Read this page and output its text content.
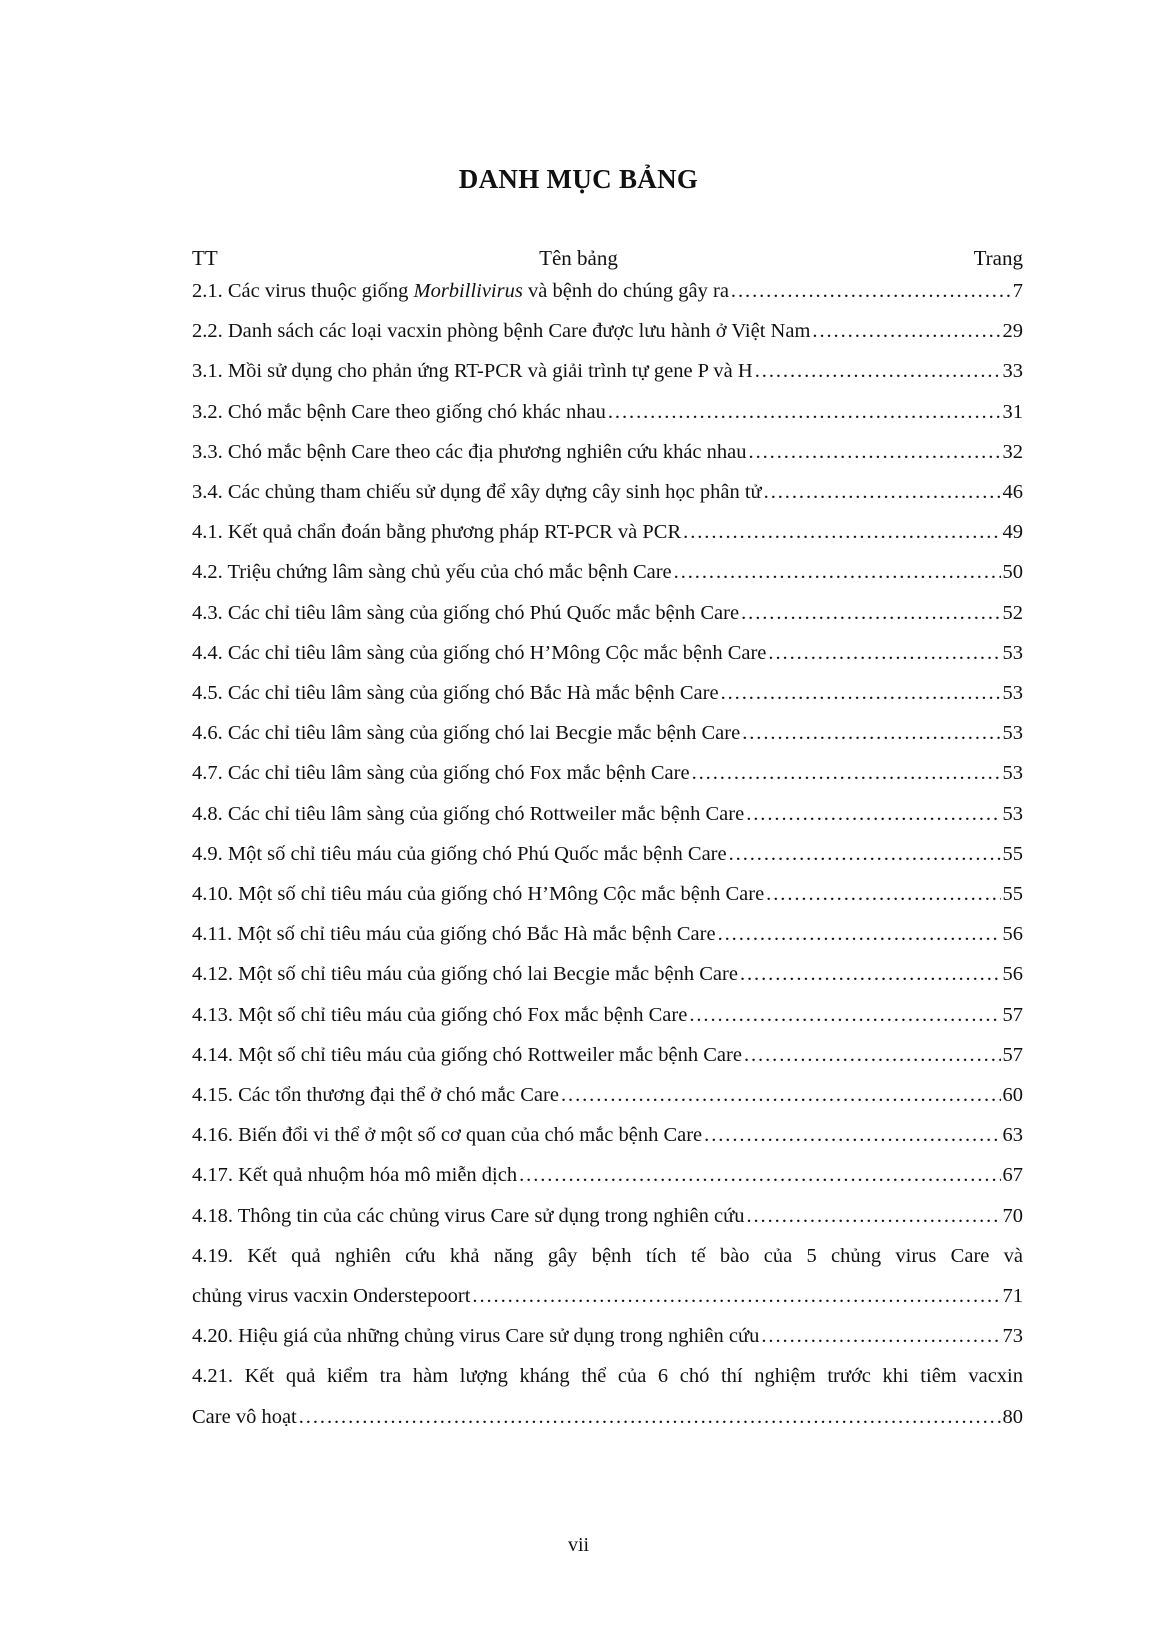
DANH MỤC BẢNG
TT	Tên bảng	Trang
2.1. Các virus thuộc giống Morbillivirus và bệnh do chúng gây ra . . .	7
2.2. Danh sách các loại vacxin phòng bệnh Care được lưu hành ở Việt Nam . . .	29
3.1. Mồi sử dụng cho phản ứng RT-PCR và giải trình tự gene P và H . . .	33
3.2. Chó mắc bệnh Care theo giống chó khác nhau . . .	31
3.3. Chó mắc bệnh Care theo các địa phương nghiên cứu khác nhau . . .	32
3.4. Các chủng tham chiếu sử dụng để xây dựng cây sinh học phân tử . . .	46
4.1. Kết quả chẩn đoán bằng phương pháp RT-PCR và PCR . . .	49
4.2. Triệu chứng lâm sàng chủ yếu của chó mắc bệnh Care . . .	50
4.3. Các chỉ tiêu lâm sàng của giống chó Phú Quốc mắc bệnh Care . . .	52
4.4. Các chỉ tiêu lâm sàng của giống chó H’Mông Cộc mắc bệnh Care . . .	53
4.5. Các chỉ tiêu lâm sàng của giống chó Bắc Hà mắc bệnh Care . . .	53
4.6. Các chỉ tiêu lâm sàng của giống chó lai Becgie mắc bệnh Care . . .	53
4.7. Các chỉ tiêu lâm sàng của giống chó Fox mắc bệnh Care . . .	53
4.8. Các chỉ tiêu lâm sàng của giống chó Rottweiler mắc bệnh Care . . .	53
4.9. Một số chỉ tiêu máu của giống chó Phú Quốc mắc bệnh Care . . .	55
4.10. Một số chỉ tiêu máu của giống chó H’Mông Cộc mắc bệnh Care . . .	55
4.11. Một số chỉ tiêu máu của giống chó Bắc Hà mắc bệnh Care . . .	56
4.12. Một số chỉ tiêu máu của giống chó lai Becgie mắc bệnh Care . . .	56
4.13. Một số chỉ tiêu máu của giống chó Fox mắc bệnh Care . . .	57
4.14. Một số chỉ tiêu máu của giống chó Rottweiler mắc bệnh Care . . .	57
4.15. Các tổn thương đại thể ở chó mắc Care . . .	60
4.16. Biến đổi vi thể ở một số cơ quan của chó mắc bệnh Care . . .	63
4.17. Kết quả nhuộm hóa mô miễn dịch . . .	67
4.18. Thông tin của các chủng virus Care sử dụng trong nghiên cứu . . .	70
4.19. Kết quả nghiên cứu khả năng gây bệnh tích tế bào của 5 chủng virus Care và
chủng virus vacxin Onderstepoort . . .	71
4.20. Hiệu giá của những chủng virus Care sử dụng trong nghiên cứu . . .	73
4.21. Kết quả kiểm tra hàm lượng kháng thể của 6 chó thí nghiệm trước khi tiêm vacxin
Care vô hoạt . . .	80
vii
